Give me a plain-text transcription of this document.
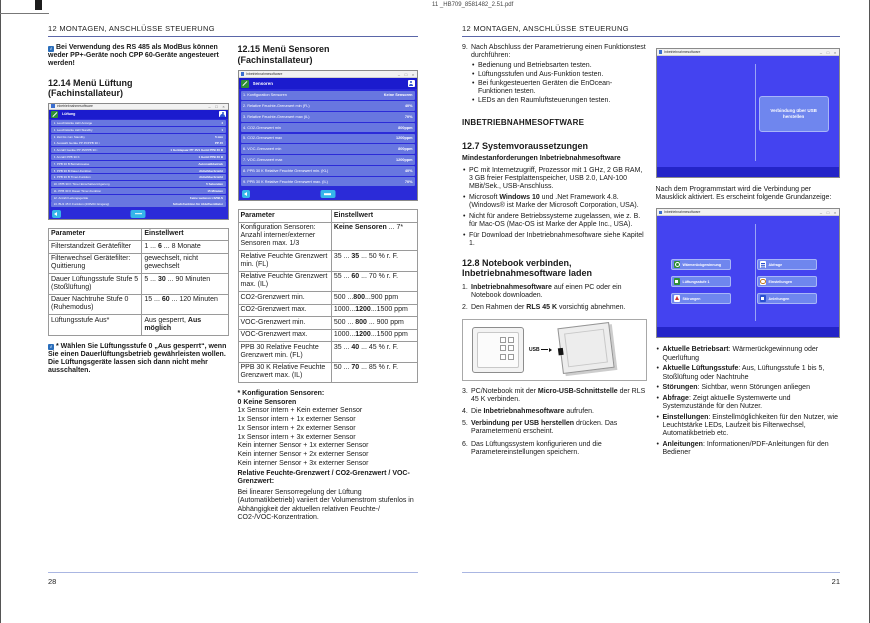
11 _HB709_8581482_2.51.pdf
12 MONTAGEN, ANSCHLÜSSE STEUERUNG

i Bei Verwendung des RS 485 als ModBus können weder PP+-Geräte noch CPP 60-Geräte angesteuert werden!

12.14 Menü Lüftung
(Fachinstallateur)
Inbetriebnahmesoftware	– □ ×
Lüftung
1. Leuchtstärke LED Anzeige	4
2. Leuchtstärke LED Standby	1
3. Zeit bis zum Standby	5 min
4. Auswahl Geräte PP 45/PPB 30 i	PP 45
5. Anzahl Geräte PP 45/PPB 30 i	1 Gerätepaar PP 45/1 Gerät PPB 30 B
6. Anzahl PPB 30 K	1 Gerät PPB 30 B
7. PPB 30 B Betriebsweise	Automatikbetrieb
8. PPB 30 B Dauer-Funktion	Aktiv/überbrückt
9. PPB 30 B Timer-Funktion	Aktiv/überbrückt
10. PPB 30 K Timer Einschaltverzögerung	5 Sekunden
11. PPB 30 K Dauer Timer-Funktion	15 Minuten
12. Anzahl Leitungsgeräte	Keine weiteren LS/WLS
13. BU1 45 K Funktion (230VAC Eingang)	Schalt-Funktion für Abluftventilator
Parameter	Einstellwert
Filterstandzeit Gerätefilter	1 ... 6 ... 8 Monate
Filterwechsel Gerätefilter: Quittierung	gewechselt, nicht gewechselt
Dauer Lüftungsstufe Stufe 5 (Stoßlüftung)	5 ... 30 ... 90 Minuten
Dauer Nachtruhe Stufe 0 (Ruhemodus)	15 ... 60 ... 120 Minuten
Lüftungsstufe Aus*	Aus gesperrt, Aus möglich

i * Wählen Sie Lüftungsstufe 0 „Aus gesperrt“, wenn Sie einen Dauerlüftungsbetrieb gewährleisten wollen. Die Lüftungsgeräte lassen sich dann nicht mehr ausschalten.

12.15 Menü Sensoren
(Fachinstallateur)
Inbetriebnahmesoftware	– □ ×
Sensoren
1. Konfiguration Sensoren	Keine Sensoren
2. Relative Feuchte-Grenzwert min (FL)	40%
3. Relative Feuchte-Grenzwert max (IL)	70%
4. CO2-Grenzwert min	800ppm
5. CO2-Grenzwert max	1200ppm
6. VOC-Grenzwert min	800ppm
7. VOC-Grenzwert max	1200ppm
8. PPB 30 K Relative Feuchte Grenzwert min. (KL)	40%
9. PPB 30 K Relative Feuchte Grenzwert max. (IL)	70%
Parameter	Einstellwert
Konfiguration Sensoren: Anzahl interner/externer Sensoren max. 1/3	Keine Sensoren ... 7*
Relative Feuchte Grenzwert min. (FL)	35 ... 35 ... 50 % r. F.
Relative Feuchte Grenzwert max. (IL)	55 ... 60 ... 70 % r. F.
CO2-Grenzwert min.	500 ...800...900 ppm
CO2-Grenzwert max.	1000...1200...1500 ppm
VOC-Grenzwert min.	500 ... 800 ... 900 ppm
VOC-Grenzwert max.	1000...1200...1500 ppm
PPB 30 Relative Feuchte Grenzwert min. (FL)	35 ... 40 ... 45 % r. F.
PPB 30 K Relative Feuchte Grenzwert max. (IL)	50 ... 70 ... 85 % r. F.
* Konfiguration Sensoren:
0 Keine Sensoren
1x Sensor intern + Kein externer Sensor
1x Sensor intern + 1x externer Sensor
1x Sensor intern + 2x externer Sensor
1x Sensor intern + 3x externer Sensor
Kein interner Sensor + 1x externer Sensor
Kein interner Sensor + 2x externer Sensor
Kein interner Sensor + 3x externer Sensor
Relative Feuchte-Grenzwert / CO2-Grenzwert / VOC-Grenzwert:
Bei linearer Sensorregelung der Lüftung (Automatikbetrieb) variiert der Volumenstrom stufenlos in Abhängigkeit der aktuellen relativen Feuchte-/ CO2-/VOC-Konzentration.
28
12 MONTAGEN, ANSCHLÜSSE STEUERUNG
9. Nach Abschluss der Parametrierung einen Funktionstest durchführen:
• Bedienung und Betriebsarten testen.
• Lüftungsstufen und Aus-Funktion testen.
• Bei funkgesteuerten Geräten die EnOcean-Funktionen testen.
• LEDs an den Raumluftsteuerungen testen.
INBETRIEBNAHMESOFTWARE
12.7 Systemvoraussetzungen
Mindestanforderungen Inbetriebnahmesoftware
• PC mit Internetzugriff, Prozessor mit 1 GHz, 2 GB RAM, 3 GB freier Festplattenspeicher, USB 2.0, LAN-100 MBit/Sek., USB-Anschluss.
• Microsoft Windows 10 und .Net Framework 4.8. (Windows® ist Marke der Microsoft Corporation, USA).
• Nicht für andere Betriebssysteme zugelassen, wie z. B. für Mac-OS (Mac-OS ist Marke der Apple Inc., USA).
• Für Download der Inbetriebnahmesoftware siehe Kapitel 1.
12.8 Notebook verbinden, Inbetriebnahmesoftware laden
1. Inbetriebnahmesoftware auf einen PC oder ein Notebook downloaden.
2. Den Rahmen der RLS 45 K vorsichtig abnehmen.
USB
3. PC/Notebook mit der Micro-USB-Schnittstelle der RLS 45 K verbinden.
4. Die Inbetriebnahmesoftware aufrufen.
5. Verbindung per USB herstellen drücken. Das Parametermenü erscheint.
6. Das Lüftungssystem konfigurieren und die Parametereinstellungen speichern.
Inbetriebnahmesoftware	– □ ×
Verbindung über USB herstellen

Nach dem Programmstart wird die Verbindung per Mausklick aktiviert. Es erscheint folgende Grundanzeige:

Inbetriebnahmesoftware	– □ ×
Wärmerückgewinnung
Lüftungsstufe 1
Störungen
Abfrage
Einstellungen
Anleitungen
• Aktuelle Betriebsart: Wärmerückgewinnung oder Querlüftung
• Aktuelle Lüftungsstufe: Aus, Lüftungsstufe 1 bis 5, Stoßlüftung oder Nachtruhe
• Störungen: Sichtbar, wenn Störungen anliegen
• Abfrage: Zeigt aktuelle Systemwerte und Systemzustände für den Nutzer.
• Einstellungen: Einstellmöglichkeiten für den Nutzer, wie Leuchtstärke LEDs, Laufzeit bis Filterwechsel, Automatikbetrieb etc.
• Anleitungen: Informationen/PDF-Anleitungen für den Bediener
21
